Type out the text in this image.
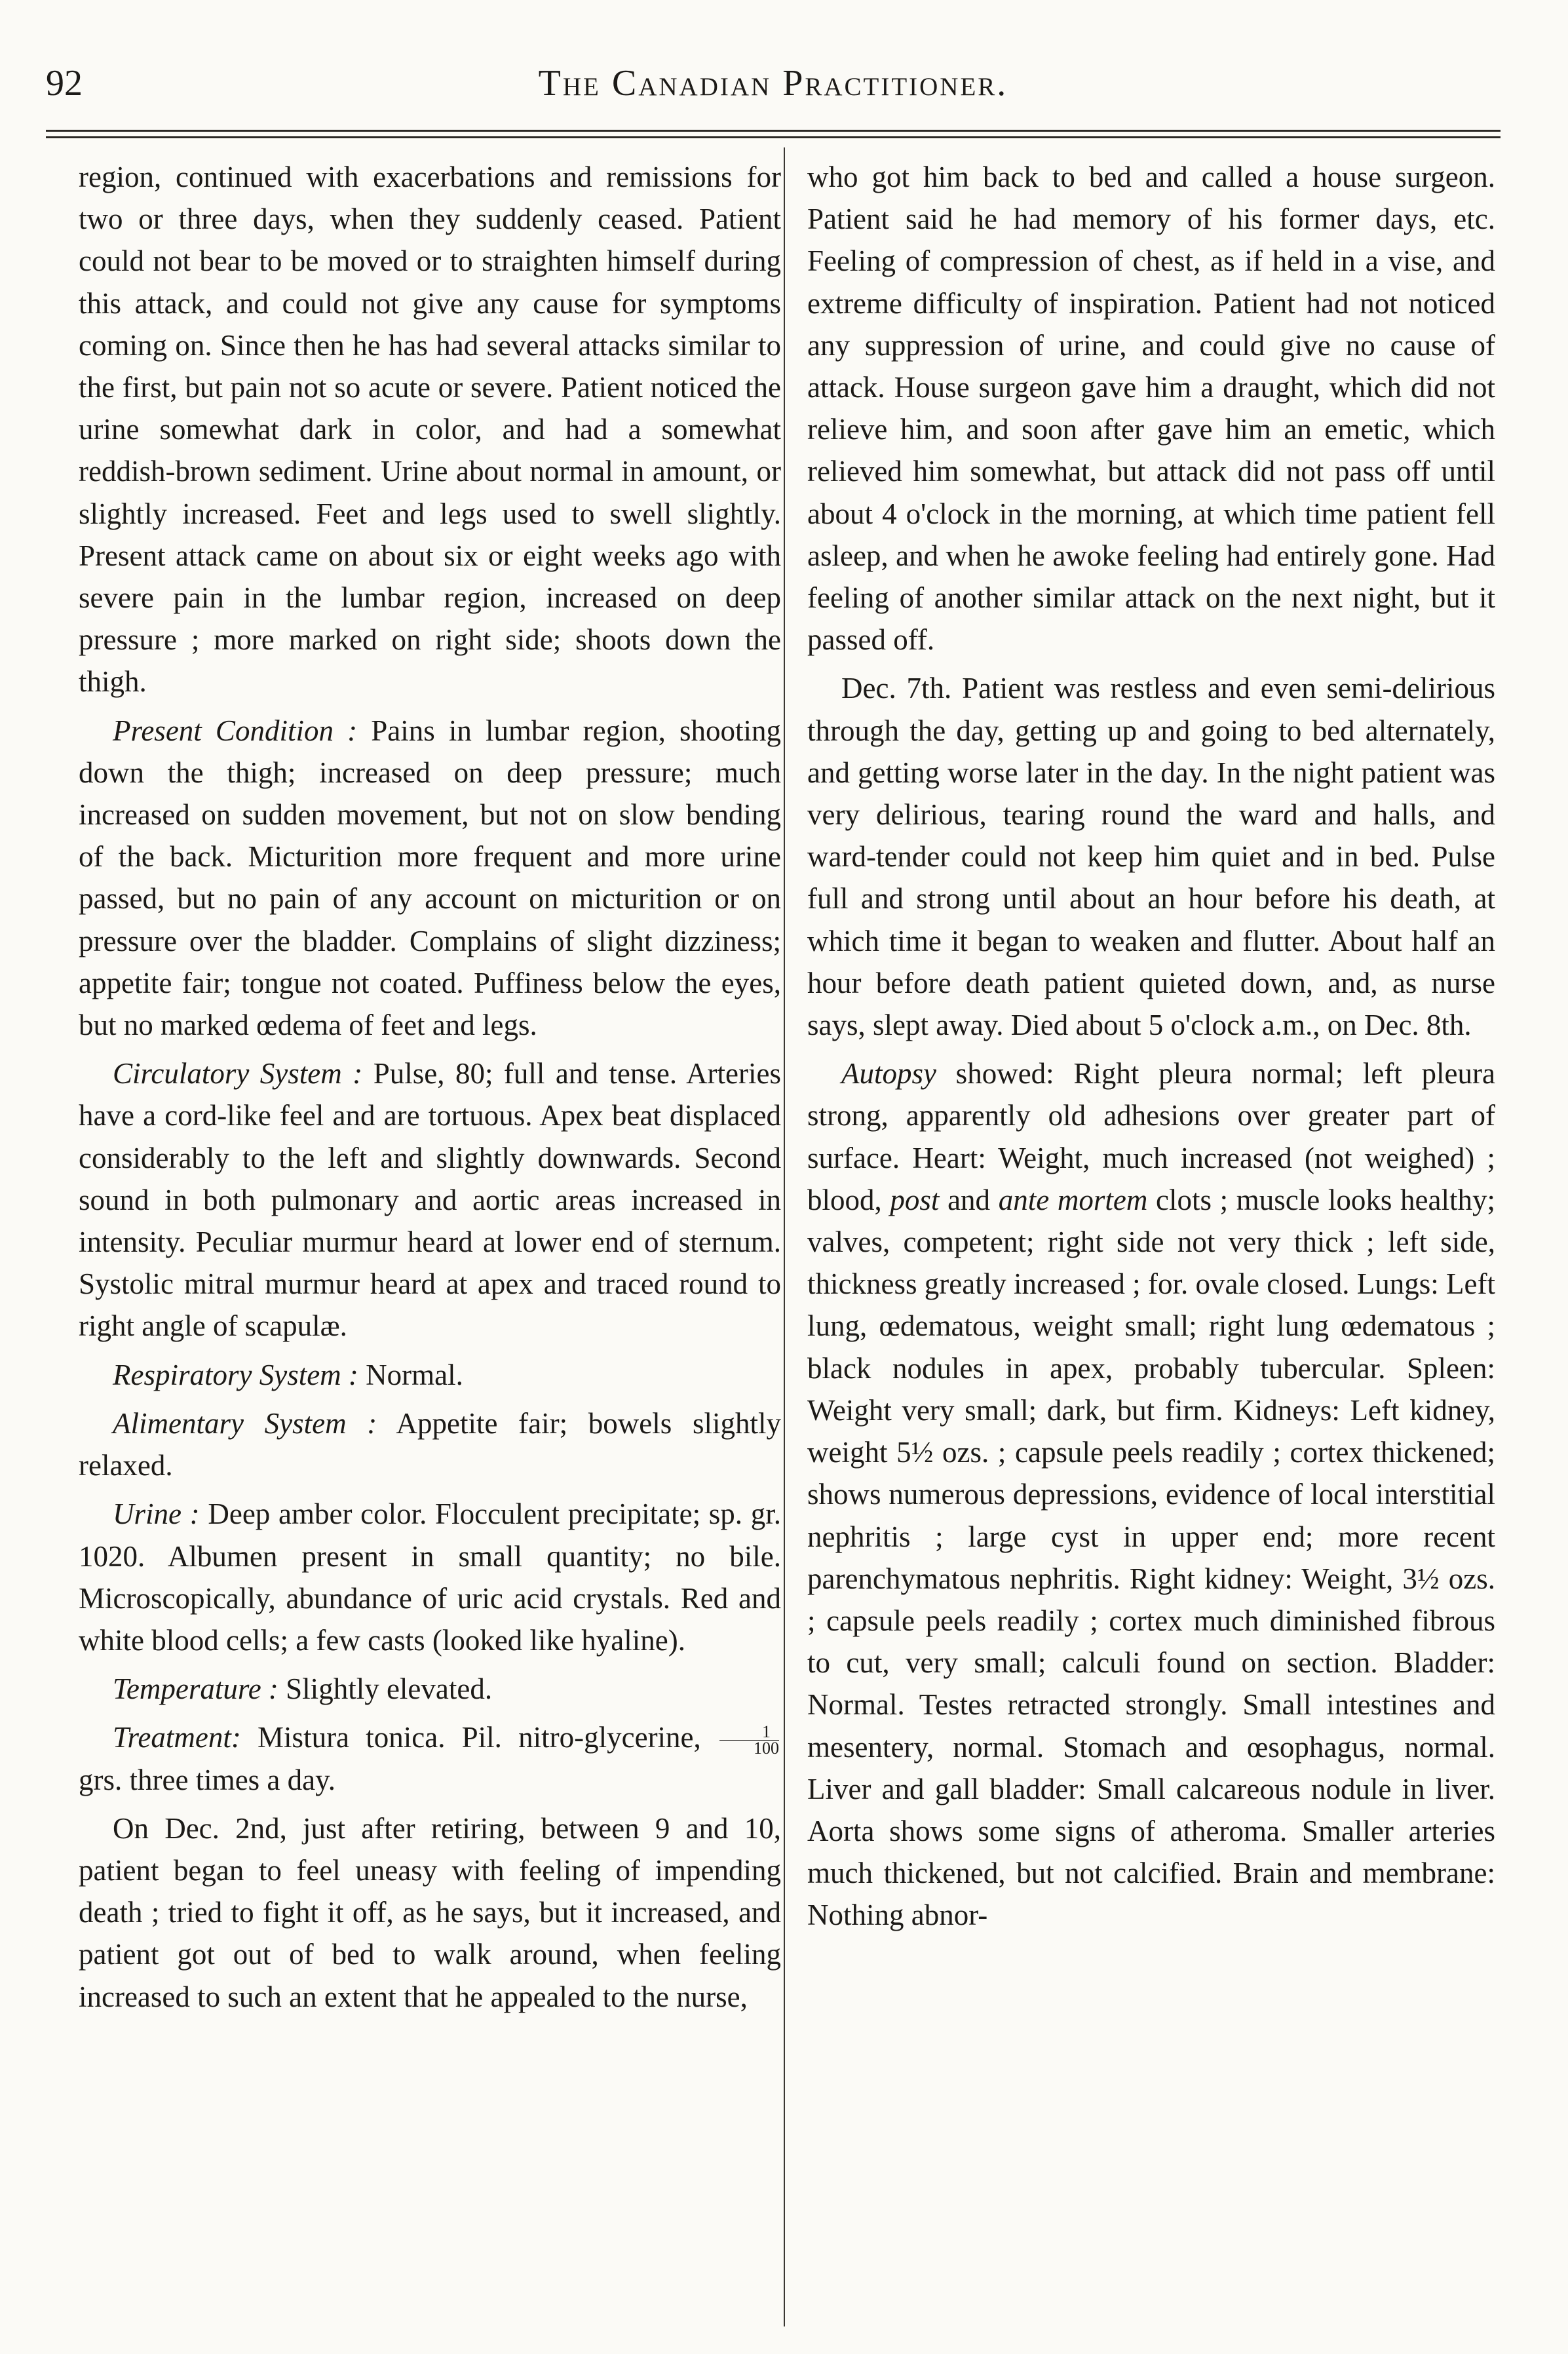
92	The Canadian Practitioner.

region, continued with exacerbations and remissions for two or three days, when they suddenly ceased. Patient could not bear to be moved or to straighten himself during this attack, and could not give any cause for symptoms coming on. Since then he has had several attacks similar to the first, but pain not so acute or severe. Patient noticed the urine somewhat dark in color, and had a somewhat reddish-brown sediment. Urine about normal in amount, or slightly increased. Feet and legs used to swell slightly. Present attack came on about six or eight weeks ago with severe pain in the lumbar region, increased on deep pressure ; more marked on right side; shoots down the thigh.

Present Condition : Pains in lumbar region, shooting down the thigh; increased on deep pressure; much increased on sudden movement, but not on slow bending of the back. Micturition more frequent and more urine passed, but no pain of any account on micturition or on pressure over the bladder. Complains of slight dizziness; appetite fair; tongue not coated. Puffiness below the eyes, but no marked œdema of feet and legs.

Circulatory System : Pulse, 80; full and tense. Arteries have a cord-like feel and are tortuous. Apex beat displaced considerably to the left and slightly downwards. Second sound in both pulmonary and aortic areas increased in intensity. Peculiar murmur heard at lower end of sternum. Systolic mitral murmur heard at apex and traced round to right angle of scapulæ.

Respiratory System : Normal.

Alimentary System : Appetite fair; bowels slightly relaxed.

Urine : Deep amber color. Flocculent precipitate; sp. gr. 1020. Albumen present in small quantity; no bile. Microscopically, abundance of uric acid crystals. Red and white blood cells; a few casts (looked like hyaline).

Temperature : Slightly elevated.

Treatment: Mistura tonica. Pil. nitro-glycerine, $\frac{1}{100}$
grs. three times a day.

On Dec. 2nd, just after retiring, between 9 and 10, patient began to feel uneasy with feeling of impending death ; tried to fight it off, as he says, but it increased, and patient got out of bed to walk around, when feeling increased to such an extent that he appealed to the nurse,

who got him back to bed and called a house surgeon. Patient said he had memory of his former days, etc. Feeling of compression of chest, as if held in a vise, and extreme difficulty of inspiration. Patient had not noticed any suppression of urine, and could give no cause of attack. House surgeon gave him a draught, which did not relieve him, and soon after gave him an emetic, which relieved him somewhat, but attack did not pass off until about 4 o'clock in the morning, at which time patient fell asleep, and when he awoke feeling had entirely gone. Had feeling of another similar attack on the next night, but it passed off.

Dec. 7th. Patient was restless and even semi-delirious through the day, getting up and going to bed alternately, and getting worse later in the day. In the night patient was very delirious, tearing round the ward and halls, and ward-tender could not keep him quiet and in bed. Pulse full and strong until about an hour before his death, at which time it began to weaken and flutter. About half an hour before death patient quieted down, and, as nurse says, slept away. Died about 5 o'clock a.m., on Dec. 8th.

Autopsy showed: Right pleura normal; left pleura strong, apparently old adhesions over greater part of surface. Heart: Weight, much increased (not weighed) ; blood, post and ante mortem clots ; muscle looks healthy; valves, competent; right side not very thick ; left side, thickness greatly increased ; for. ovale closed. Lungs: Left lung, œdematous, weight small; right lung œdematous ; black nodules in apex, probably tubercular. Spleen: Weight very small; dark, but firm. Kidneys: Left kidney, weight 5½ ozs. ; capsule peels readily ; cortex thickened; shows numerous depressions, evidence of local interstitial nephritis ; large cyst in upper end; more recent parenchymatous nephritis. Right kidney: Weight, 3½ ozs. ; capsule peels readily ; cortex much diminished fibrous to cut, very small; calculi found on section. Bladder: Normal. Testes retracted strongly. Small intestines and mesentery, normal. Stomach and œsophagus, normal. Liver and gall bladder: Small calcareous nodule in liver. Aorta shows some signs of atheroma. Smaller arteries much thickened, but not calcified. Brain and membrane: Nothing abnor-
